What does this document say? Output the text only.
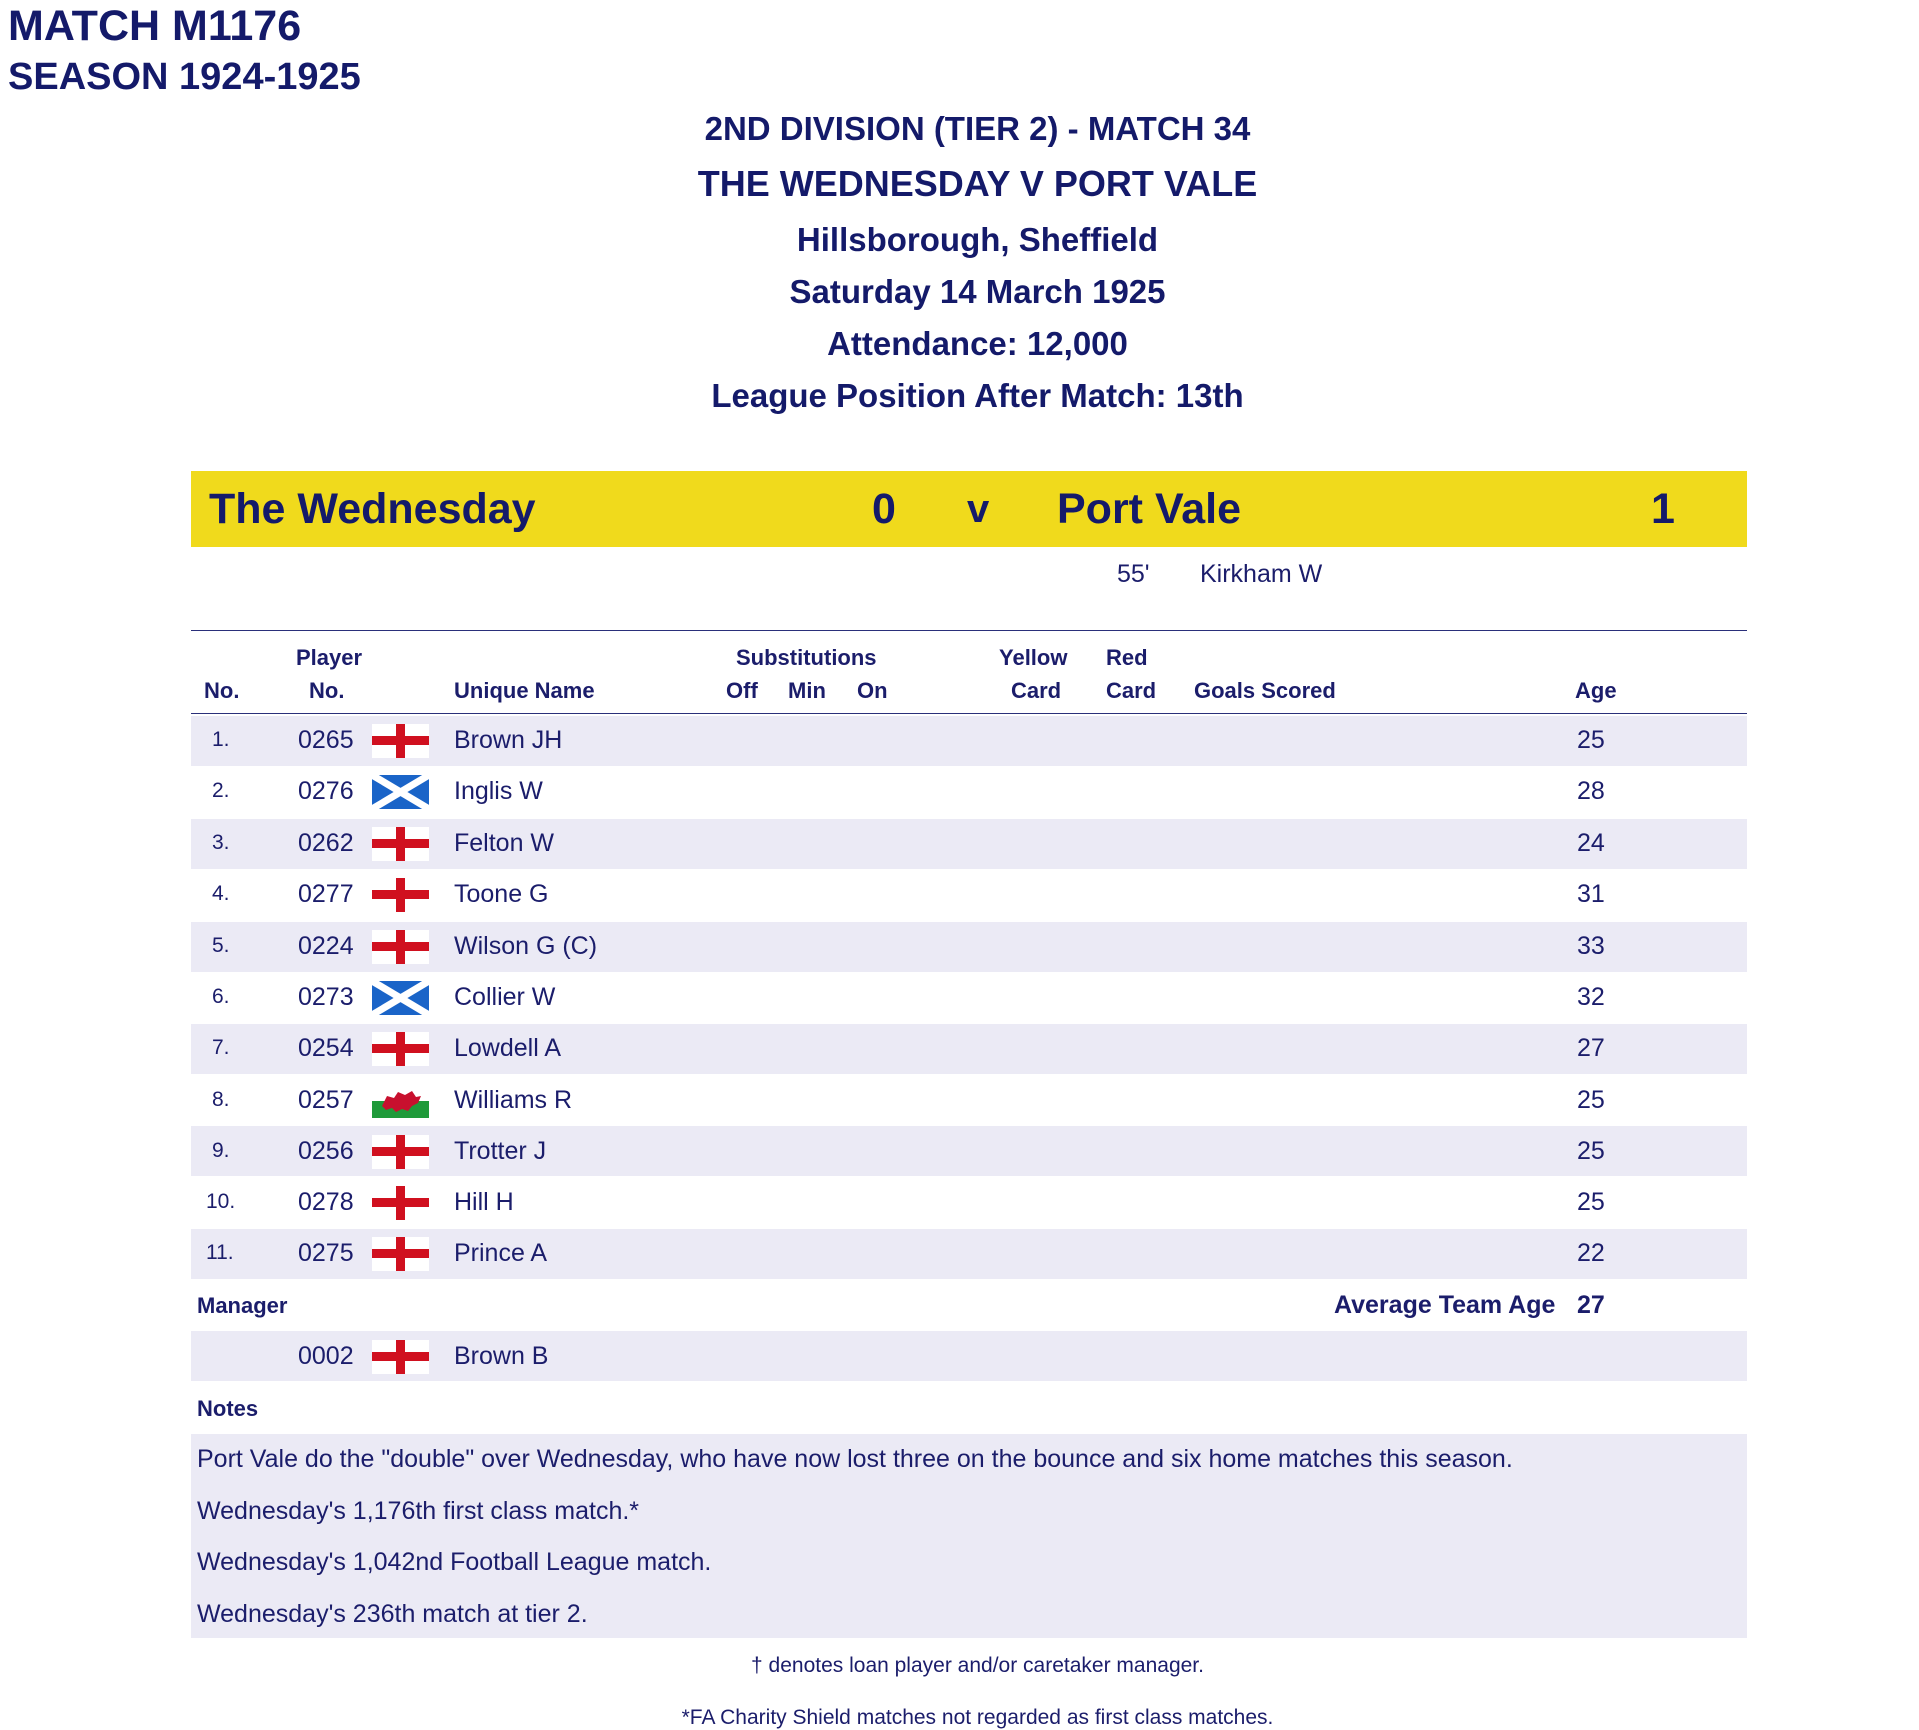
MATCH M1176
SEASON 1924-1925
2ND DIVISION (TIER 2) - MATCH 34
THE WEDNESDAY V PORT VALE
Hillsborough, Sheffield
Saturday 14 March 1925
Attendance: 12,000
League Position After Match: 13th
The Wednesday	0 v Port Vale	1
55' Kirkham W
Player	Substitutions	Yellow Red
No.	No.	Unique Name	Off Min On	Card Card Goals Scored	Age
1.	0265	Brown JH	25
2.	0276	Inglis W	28
3.	0262	Felton W	24
4.	0277	Toone G	31
5.	0224	Wilson G (C)	33
6.	0273	Collier W	32
7.	0254	Lowdell A	27
8.	0257	Williams R	25
9.	0256	Trotter J	25
10.	0278	Hill H	25
11.	0275	Prince A	22
Manager	Average Team Age 27
0002	Brown B
Notes
Port Vale do the "double" over Wednesday, who have now lost three on the bounce and six home matches this season.
Wednesday's 1,176th first class match.*
Wednesday's 1,042nd Football League match.
Wednesday's 236th match at tier 2.
† denotes loan player and/or caretaker manager.
*FA Charity Shield matches not regarded as first class matches.
